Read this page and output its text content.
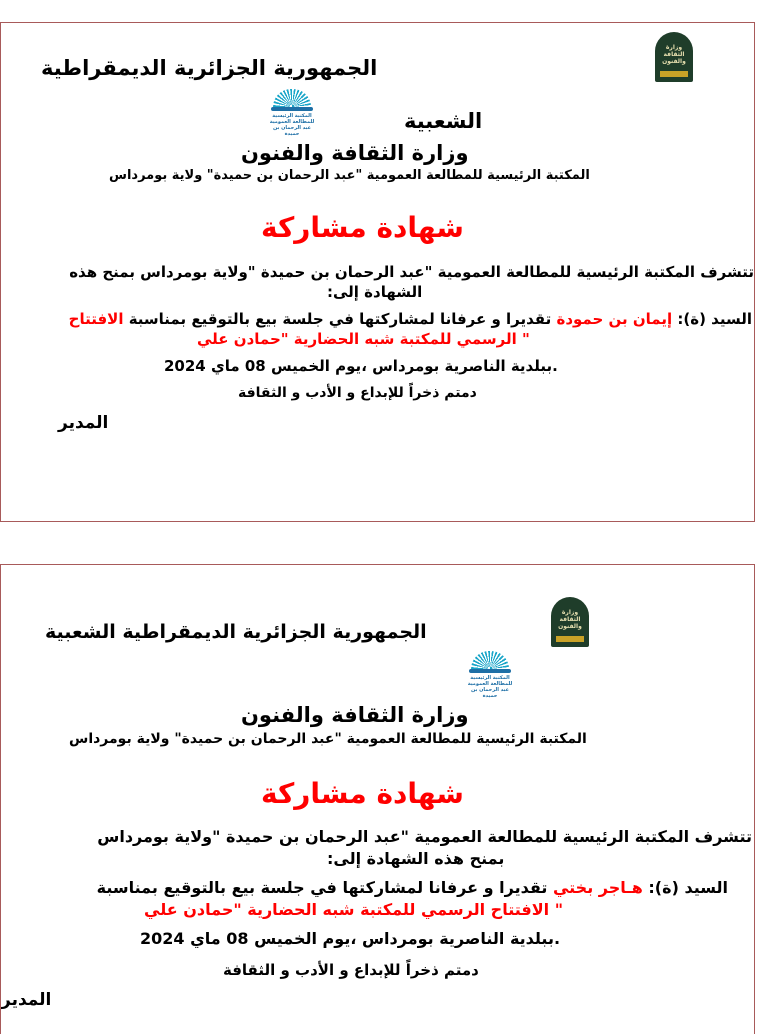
وزارة الثقافة والفنون
الجمهورية الجزائرية الديمقراطية
المكتبة الرئيسية للمطالعة العمومية عبد الرحمان بن حميدة
الشعبية
وزارة الثقافة والفنون
المكتبة الرئيسية للمطالعة العمومية "عبد الرحمان بن حميدة" ولاية بومرداس
شهادة مشاركة
تتشرف المكتبة الرئيسية للمطالعة العمومية "عبد الرحمان بن حميدة "ولاية بومرداس بمنح هذه
الشهادة إلى:
السيد (ة): إيمان بن حمودة تقديرا و عرفانا لمشاركتها في جلسة بيع بالتوقيع بمناسبة الافتتاح
" الرسمي للمكتبة شبه الحضارية "حمادن علي
.ببلدية الناصرية بومرداس ،يوم الخميس 08 ماي 2024
دمتم ذخراً للإبداع و الأدب و الثقافة
المدير
وزارة الثقافة والفنون
الجمهورية الجزائرية الديمقراطية الشعبية
المكتبة الرئيسية للمطالعة العمومية عبد الرحمان بن حميدة
وزارة الثقافة والفنون
المكتبة الرئيسية للمطالعة العمومية "عبد الرحمان بن حميدة" ولاية بومرداس
شهادة مشاركة
تتشرف المكتبة الرئيسية للمطالعة العمومية "عبد الرحمان بن حميدة "ولاية بومرداس
بمنح هذه الشهادة إلى:
السيد (ة): هـاجر بختي تقديرا و عرفانا لمشاركتها في جلسة بيع بالتوقيع بمناسبة
" الافتتاح الرسمي للمكتبة شبه الحضارية "حمادن علي
.ببلدية الناصرية بومرداس ،يوم الخميس 08 ماي 2024
دمتم ذخراً للإبداع و الأدب و الثقافة
المدير
